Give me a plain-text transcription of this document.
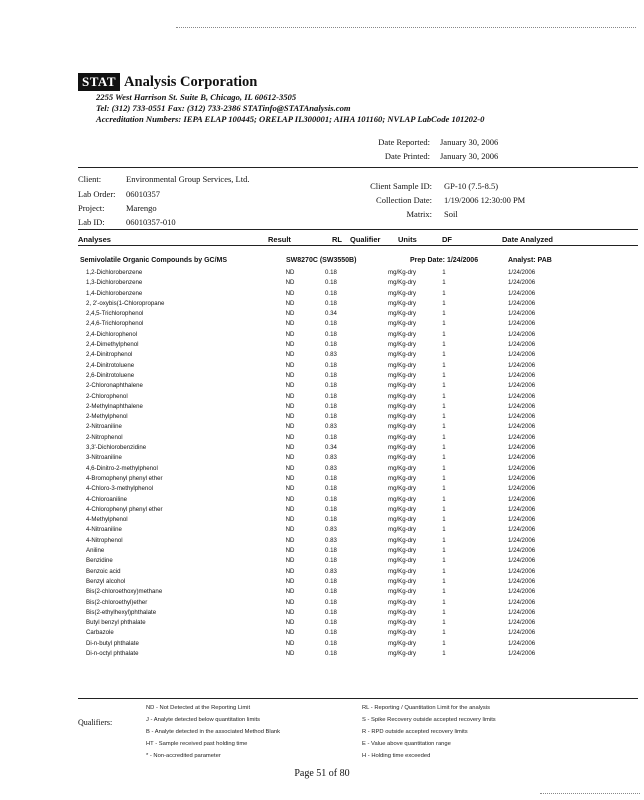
STAT Analysis Corporation
2255 West Harrison St. Suite B, Chicago, IL 60612-3505
Tel: (312) 733-0551 Fax: (312) 733-2386 STATinfo@STATAnalysis.com
Accreditation Numbers: IEPA ELAP 100445; ORELAP IL300001; AIHA 101160; NVLAP LabCode 101202-0
Date Reported: January 30, 2006
Date Printed: January 30, 2006
Client:	Environmental Group Services, Ltd.
Lab Order: 06010357
Project:	Marengo
Lab ID:	06010357-010
Client Sample ID: GP-10 (7.5-8.5)
Collection Date: 1/19/2006 12:30:00 PM
Matrix: Soil
Analyses	Result	RL Qualifier Units	DF	Date Analyzed
Semivolatile Organic Compounds by GC/MS	SW8270C (SW3550B)	Prep Date: 1/24/2006	Analyst: PAB
1,2-Dichlorobenzene	ND	0.18	mg/Kg-dry	1	1/24/2006
1,3-Dichlorobenzene	ND	0.18	mg/Kg-dry	1	1/24/2006
1,4-Dichlorobenzene	ND	0.18	mg/Kg-dry	1	1/24/2006
2, 2'-oxybis(1-Chloropropane	ND	0.18	mg/Kg-dry	1	1/24/2006
2,4,5-Trichlorophenol	ND	0.34	mg/Kg-dry	1	1/24/2006
2,4,6-Trichlorophenol	ND	0.18	mg/Kg-dry	1	1/24/2006
2,4-Dichlorophenol	ND	0.18	mg/Kg-dry	1	1/24/2006
2,4-Dimethylphenol	ND	0.18	mg/Kg-dry	1	1/24/2006
2,4-Dinitrophenol	ND	0.83	mg/Kg-dry	1	1/24/2006
2,4-Dinitrotoluene	ND	0.18	mg/Kg-dry	1	1/24/2006
2,6-Dinitrotoluene	ND	0.18	mg/Kg-dry	1	1/24/2006
2-Chloronaphthalene	ND	0.18	mg/Kg-dry	1	1/24/2006
2-Chlorophenol	ND	0.18	mg/Kg-dry	1	1/24/2006
2-Methylnaphthalene	ND	0.18	mg/Kg-dry	1	1/24/2006
2-Methylphenol	ND	0.18	mg/Kg-dry	1	1/24/2006
2-Nitroaniline	ND	0.83	mg/Kg-dry	1	1/24/2006
2-Nitrophenol	ND	0.18	mg/Kg-dry	1	1/24/2006
3,3'-Dichlorobenzidine	ND	0.34	mg/Kg-dry	1	1/24/2006
3-Nitroaniline	ND	0.83	mg/Kg-dry	1	1/24/2006
4,6-Dinitro-2-methylphenol	ND	0.83	mg/Kg-dry	1	1/24/2006
4-Bromophenyl phenyl ether	ND	0.18	mg/Kg-dry	1	1/24/2006
4-Chloro-3-methylphenol	ND	0.18	mg/Kg-dry	1	1/24/2006
4-Chloroaniline	ND	0.18	mg/Kg-dry	1	1/24/2006
4-Chlorophenyl phenyl ether	ND	0.18	mg/Kg-dry	1	1/24/2006
4-Methylphenol	ND	0.18	mg/Kg-dry	1	1/24/2006
4-Nitroaniline	ND	0.83	mg/Kg-dry	1	1/24/2006
4-Nitrophenol	ND	0.83	mg/Kg-dry	1	1/24/2006
Aniline	ND	0.18	mg/Kg-dry	1	1/24/2006
Benzidine	ND	0.18	mg/Kg-dry	1	1/24/2006
Benzoic acid	ND	0.83	mg/Kg-dry	1	1/24/2006
Benzyl alcohol	ND	0.18	mg/Kg-dry	1	1/24/2006
Bis(2-chloroethoxy)methane	ND	0.18	mg/Kg-dry	1	1/24/2006
Bis(2-chloroethyl)ether	ND	0.18	mg/Kg-dry	1	1/24/2006
Bis(2-ethylhexyl)phthalate	ND	0.18	mg/Kg-dry	1	1/24/2006
Butyl benzyl phthalate	ND	0.18	mg/Kg-dry	1	1/24/2006
Carbazole	ND	0.18	mg/Kg-dry	1	1/24/2006
Di-n-butyl phthalate	ND	0.18	mg/Kg-dry	1	1/24/2006
Di-n-octyl phthalate	ND	0.18	mg/Kg-dry	1	1/24/2006
Qualifiers:
ND - Not Detected at the Reporting Limit
J - Analyte detected below quantitation limits
B - Analyte detected in the associated Method Blank
HT - Sample received past holding time
* - Non-accredited parameter
RL - Reporting / Quantitation Limit for the analysis
S - Spike Recovery outside accepted recovery limits
R - RPD outside accepted recovery limits
E - Value above quantitation range
H - Holding time exceeded
Page 51 of 80
